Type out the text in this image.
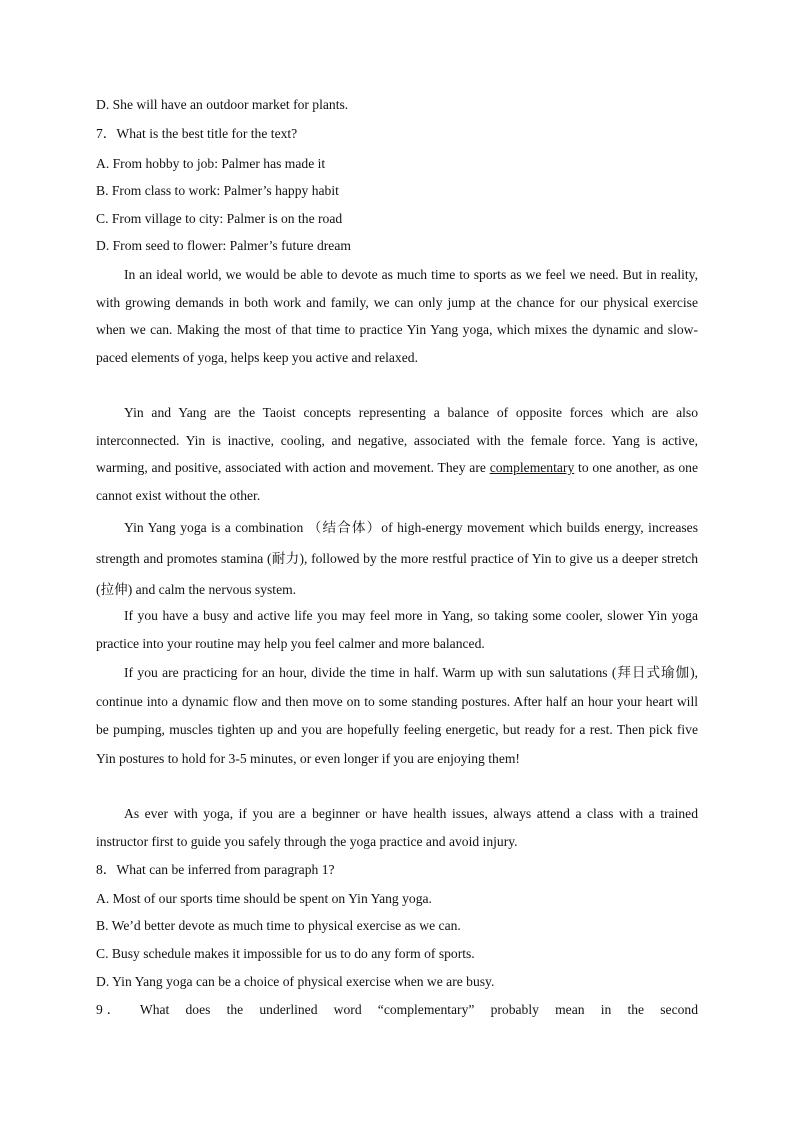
D. She will have an outdoor market for plants.
7．What is the best title for the text?
A. From hobby to job: Palmer has made it
B. From class to work: Palmer’s happy habit
C. From village to city: Palmer is on the road
D. From seed to flower: Palmer’s future dream
In an ideal world, we would be able to devote as much time to sports as we feel we need. But in reality, with growing demands in both work and family, we can only jump at the chance for our physical exercise when we can. Making the most of that time to practice Yin Yang yoga, which mixes the dynamic and slow-paced elements of yoga, helps keep you active and relaxed.
Yin and Yang are the Taoist concepts representing a balance of opposite forces which are also interconnected. Yin is inactive, cooling, and negative, associated with the female force. Yang is active, warming, and positive, associated with action and movement. They are complementary to one another, as one cannot exist without the other.
Yin Yang yoga is a combination （结合体）of high-energy movement which builds energy, increases strength and promotes stamina (耐力), followed by the more restful practice of Yin to give us a deeper stretch (拉伸) and calm the nervous system.
If you have a busy and active life you may feel more in Yang, so taking some cooler, slower Yin yoga practice into your routine may help you feel calmer and more balanced.
If you are practicing for an hour, divide the time in half. Warm up with sun salutations (拜日式瑜伽), continue into a dynamic flow and then move on to some standing postures. After half an hour your heart will be pumping, muscles tighten up and you are hopefully feeling energetic, but ready for a rest. Then pick five Yin postures to hold for 3-5 minutes, or even longer if you are enjoying them!
As ever with yoga, if you are a beginner or have health issues, always attend a class with a trained instructor first to guide you safely through the yoga practice and avoid injury.
8．What can be inferred from paragraph 1?
A. Most of our sports time should be spent on Yin Yang yoga.
B. We’d better devote as much time to physical exercise as we can.
C. Busy schedule makes it impossible for us to do any form of sports.
D. Yin Yang yoga can be a choice of physical exercise when we are busy.
9． What does the underlined word “complementary” probably mean in the second
